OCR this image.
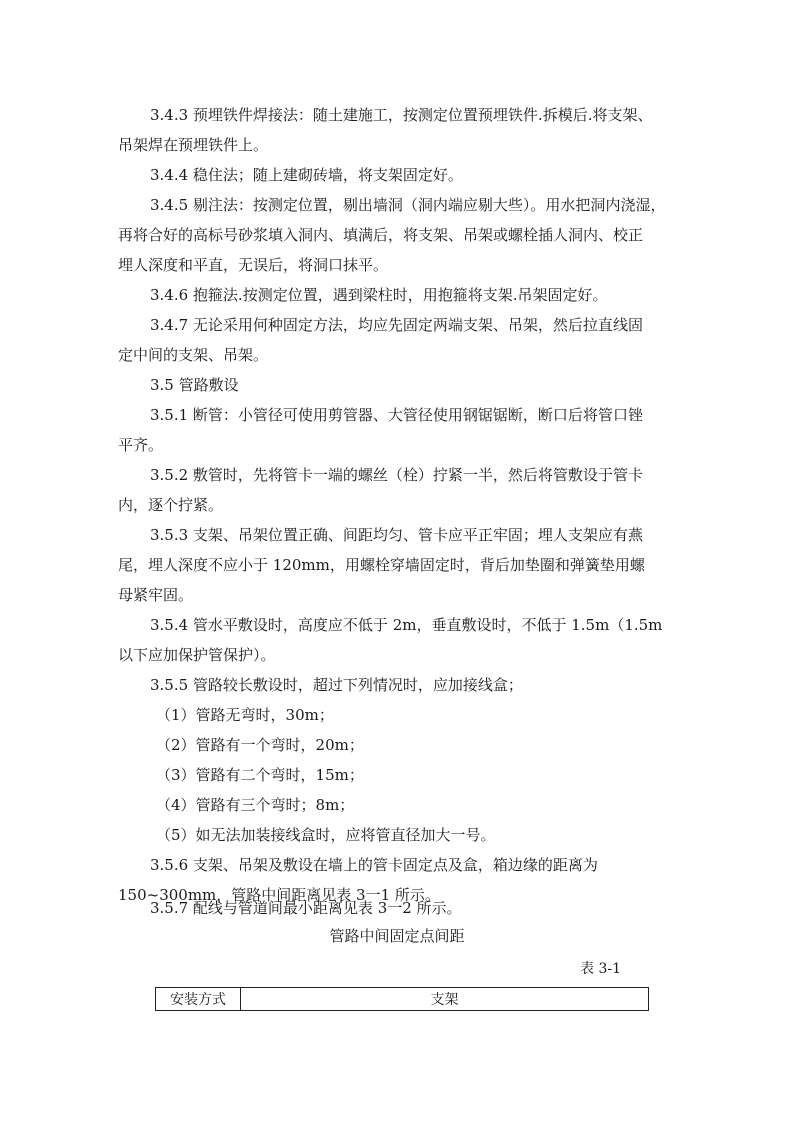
3.4.3 预埋铁件焊接法：随土建施工，按测定位置预埋铁件.拆模后.将支架、
吊架焊在预埋铁件上。

3.4.4 稳住法；随上建砌砖墙，将支架固定好。

3.4.5 剔注法：按测定位置，剔出墙洞（洞内端应剔大些）。用水把洞内浇湿，
再将合好的高标号砂浆填入洞内、填满后，将支架、吊架或螺栓插人洞内、校正
埋人深度和平直，无误后，将洞口抹平。

3.4.6 抱箍法.按测定位置，遇到梁柱时，用抱箍将支架.吊架固定好。

3.4.7 无论采用何种固定方法，均应先固定两端支架、吊架，然后拉直线固
定中间的支架、吊架。

3.5 管路敷设

3.5.1 断管：小管径可使用剪管器、大管径使用钢锯锯断，断口后将管口锉
平齐。

3.5.2 敷管时，先将管卡一端的螺丝（栓）拧紧一半，然后将管敷设于管卡
内，逐个拧紧。

3.5.3 支架、吊架位置正确、间距均匀、管卡应平正牢固；埋人支架应有燕
尾，埋人深度不应小于 120mm，用螺栓穿墙固定时，背后加垫圈和弹簧垫用螺
母紧牢固。

3.5.4 管水平敷设时，高度应不低于 2m，垂直敷设时，不低于 1.5m（1.5m
以下应加保护管保护）。

3.5.5 管路较长敷设时，超过下列情况时，应加接线盒；

（1）管路无弯时，30m；
（2）管路有一个弯时，20m；
（3）管路有二个弯时，15m；
（4）管路有三个弯时；8m；
（5）如无法加装接线盒时，应将管直径加大一号。

3.5.6 支架、吊架及敷设在墙上的管卡固定点及盒，箱边缘的距离为
150~300mm，管路中间距离见表 3一1 所示。

3.5.7 配线与管道间最小距离见表 3一2 所示。

管路中间固定点间距
表 3-1
安装方式	支架
